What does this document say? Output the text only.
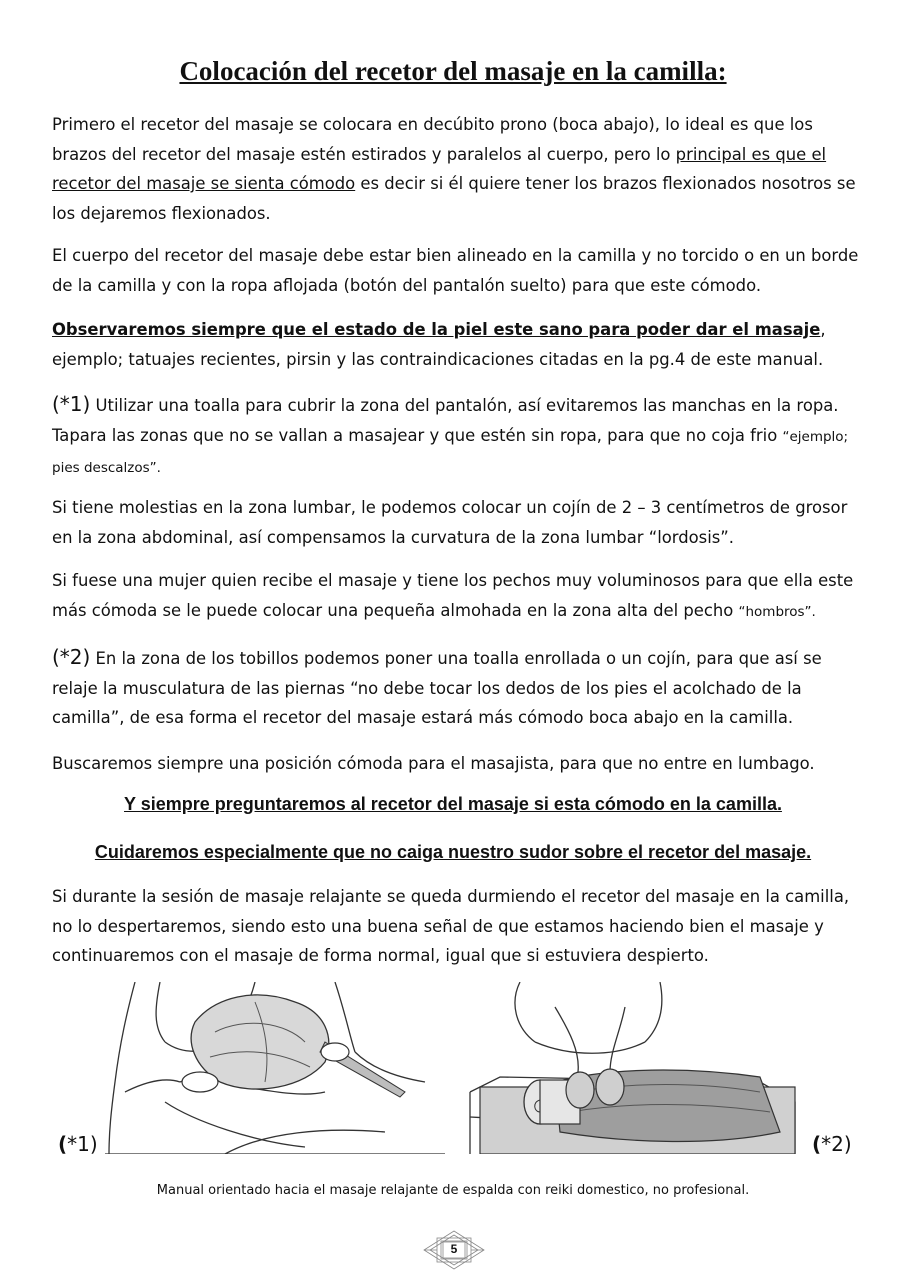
Colocación del recetor del masaje en la camilla:

Primero el recetor del masaje se colocara en decúbito prono (boca abajo), lo ideal es que los brazos del recetor del masaje estén estirados y paralelos al cuerpo, pero lo principal es que el recetor del masaje se sienta cómodo es decir si él quiere tener los brazos flexionados nosotros se los dejaremos flexionados.

El cuerpo del recetor del masaje debe estar bien alineado en la camilla y no torcido o en un borde de la camilla y con la ropa aflojada (botón del pantalón suelto) para que este cómodo.

Observaremos siempre que el estado de la piel este sano para poder dar el masaje, ejemplo; tatuajes recientes, pirsin y las contraindicaciones citadas en la pg.4 de este manual.

(*1) Utilizar una toalla para cubrir la zona del pantalón, así evitaremos las manchas en la ropa. Tapara las zonas que no se vallan a masajear y que estén sin ropa, para que no coja frio “ejemplo; pies descalzos”.

Si tiene molestias en la zona lumbar, le podemos colocar un cojín de 2 – 3 centímetros de grosor en la zona abdominal, así compensamos la curvatura de la zona lumbar “lordosis”.

Si fuese una mujer quien recibe el masaje y tiene los pechos muy voluminosos para que ella este más cómoda se le puede colocar una pequeña almohada en la zona alta del pecho “hombros”.

(*2) En la zona de los tobillos podemos poner una toalla enrollada o un cojín, para que así se relaje la musculatura de las piernas “no debe tocar los dedos de los pies el acolchado de la camilla”, de esa forma el recetor del masaje estará más cómodo boca abajo en la camilla.

Buscaremos siempre una posición cómoda para el masajista, para que no entre en lumbago.

Y siempre preguntaremos al recetor del masaje si esta cómodo en la camilla.

Cuidaremos especialmente que no caiga nuestro sudor sobre el recetor del masaje.

Si durante la sesión de masaje relajante se queda durmiendo el recetor del masaje en la camilla, no lo despertaremos, siendo esto una buena señal de que estamos haciendo bien el masaje y continuaremos con el masaje de forma normal, igual que si estuviera despierto.

(*1)	(*2)

Manual orientado hacia el masaje relajante de espalda con reiki domestico, no profesional.

5
